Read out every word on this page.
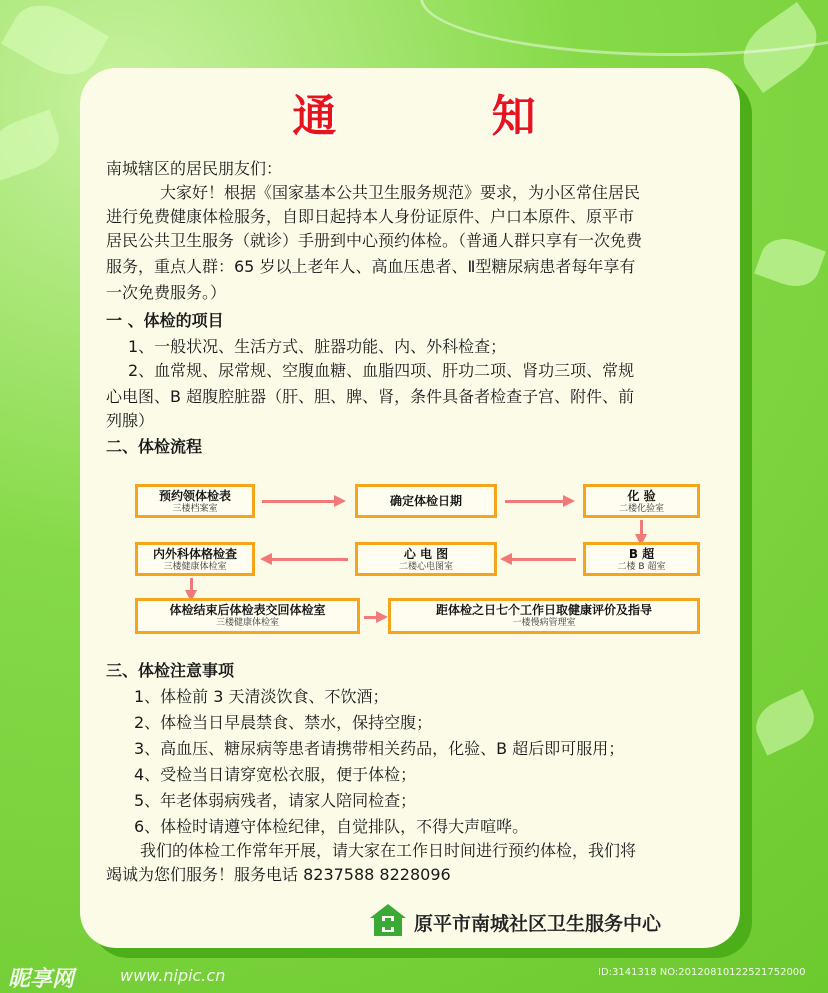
通 知
南城辖区的居民朋友们：
大家好！根据《国家基本公共卫生服务规范》要求，为小区常住居民
进行免费健康体检服务，自即日起持本人身份证原件、户口本原件、原平市
居民公共卫生服务（就诊）手册到中心预约体检。（普通人群只享有一次免费
服务，重点人群：65 岁以上老年人、高血压患者、Ⅱ型糖尿病患者每年享有
一次免费服务。）
一 、体检的项目
1、一般状况、生活方式、脏器功能、内、外科检查；
2、血常规、尿常规、空腹血糖、血脂四项、肝功二项、肾功三项、常规
心电图、B 超腹腔脏器（肝、胆、脾、肾，条件具备者检查子宫、附件、前
列腺）
二、体检流程
预约领体检表
三楼档案室
确定体检日期	化 验
二楼化验室
B 超
二楼 B 超室
心 电 图
二楼心电图室
内外科体格检查
三楼健康体检室
体检结束后体检表交回体检室
三楼健康体检室
距体检之日七个工作日取健康评价及指导
一楼慢病管理室
三、体检注意事项
1、体检前 3 天清淡饮食、不饮酒；
2、体检当日早晨禁食、禁水，保持空腹；
3、高血压、糖尿病等患者请携带相关药品，化验、B 超后即可服用；
4、受检当日请穿宽松衣服，便于体检；
5、年老体弱病残者，请家人陪同检查；
6、体检时请遵守体检纪律，自觉排队，不得大声喧哗。
我们的体检工作常年开展，请大家在工作日时间进行预约体检，我们将
竭诚为您们服务！服务电话 8237588 8228096
原平市南城社区卫生服务中心
昵享网	www.nipic.cn	ID:3141318 NO:20120810122521752000
